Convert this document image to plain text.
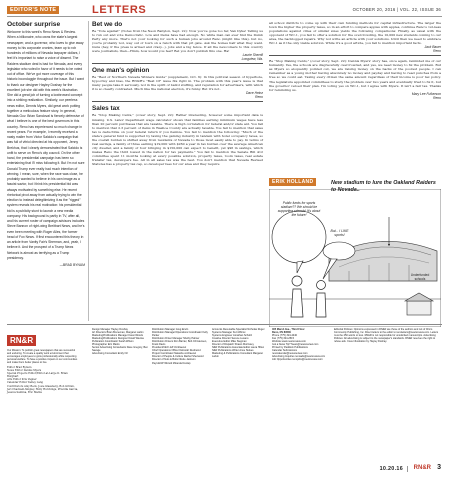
EDITOR'S NOTE	LETTERS	OCTOBER 20, 2016 | VOL. 22, ISSUE 36
October surprise
Welcome to this week's Reno News & Review. When a billionaire, who owns the state's largest newspaper, and a governor, who loves to give away money to his corporate cronies, team up to rob hundreds of millions of Nevada taxpayer dollars, I feel it's important to raise a voice of dissent. The Raiders stadium deal is bad for Nevada, and every legislator who voted in favor of it needs to be voted out of office. We've got more coverage of this historic boondoggle throughout the issue. But I want to thank our designer Hayley Doshay for the excellent job she did with this week's illustration. She did a great job of turning a lowbrowed concept into a striking realization. Similarly, our peerless news editor, Dennis Myers, did great work putting together a meticulous feature story. In general, Nevada Gov. Brian Sandoval is fiercely defensive of what I believe is one of the best governors in this country. Reno has experienced so much change in recent years. For example, I recently received a nasty mailer from Victor Salcido's campaign that was full of vitriol directed at his opponent, Jenny Brekhus, that I clearly demonstrated that Salcido is unfit to serve on Reno's city council. On the other hand, the presidential campaign has been so entertaining that I'll miss following it. But I'm not sure Donald Trump ever really had much intention of winning. I mean, sure, when the race was close, he probably wanted to believe in his own image as a fascist savior, but I think his presidential bid was always motivated by something else. He recent rhetorical pivot away from actually trying to win the election to instead delegitimizing it as the "rigged" system reveals his real motivation: his presidential bid is a publicity stunt to launch a new media company. His background is partly in TV, after all, and his current roster of campaign advisors includes Steve Bannon of right-wing Breitbart News, and he's even been meeting with Roger Ailes, the former head of Fox News. If first encountered this theory in an article from Vanity Fair's Sherman, and, yeah, I believe it. And the prospect of a Trump News Network is almost as terrifying as a Trump presidency.
—BRAD BYNUM
Bet we do
Re "Vote against" (Notes from the Neon Babylon, Sept. 22): Now you've gone too far, Van Dyke! Telling us to run out and vote Democratic. Low and Dems have had enough. No white man can ever find the Dumb Party any more. That's not your looking for such a human jobs around Reno (might like this), but no, you're probably not, way out of town on a ranch with that pit gate. Ask the homes half what they want. Guns (hey, if the press is armed and crazy...), jobs and a big fence. If all the newcomers to this country were journalists, then—Hmm, how would you feel? Bet you don't publish this one. Ha!
Laurie Sherrill
Longview, Wa.
One man's opinion
Re "Best of Northern Nevada Winners Guide" (supplement, Oct. 6): In this political season of hyperbole, hypocrisy and bias, the RN&R's "Best Of" issue fits right in. The problem with this year's issue is that many people take it seriously, not in the spirit of ballot stuffing, and reputation for advertisers, with which it is so clearly contrasted. Much like the national election, it's funny. But it's not.
Dave Heinz
Reno
Sales tax
Re "Stop Making Cents," (cover story, Sept. 22): Rather interesting, however some important data is missing. U.S. Labor Department wage calculator shows that families earning minimum wages have less than 20 percent purchases that are taxable. There is high correlation for federal and/or state aid. You fail to mention that 2.3 percent of items in Washoe County are actually taxable. You fail to mention that sales tax is deductible on your federal return if you itemize. You fail to mention the following: "Much of the state's general fund is supported by taxing the gaming industry in tandem with hotel occupancy taxes, so the overall burden is shifted away from residents of Nevada to those most easily able to pay. In terms of real savings, a family of three earning $19,000 with $260 a year in tax burden over the average American city dweller, and a family of four bringing in $150,000 can expect to benefit, yet $96 in savings, which makes Reno the third lowest in the nation for tax payments." You fail to mention the Senate Bill 412 committee spent 11 months looking at every possible solution, property taxes, room taxes, real estate transfer tax, developers fee. All in all sales tax was the best. You don't mention that Nevada Revised Statutes has a property tax cap, so developer fees for our area and they require
all school districts to come up with their own funding methods for capital infrastructure. The larger the town the higher the property taxes, so in an effort to compare apples with apples, continue Reno's 1st-ness populations against cities of similar sizes yields the following comparisons: Finally, as usual with the opponent of WC-1, you fail to offer a solution for the overcrowding, the 10,000 new students coming to our area, the backlogged repairs. Why not write an article with your solutions. Until then we need to embrace WC-1 as it the only viable solution. While it's a good article, you fail to mention important facts.
Jack Bauer
Reno
Re "Stop Making Cents," (cover story, Sept. 22): Dennis Myers' story has, once again, reminded me of our humanity. Yes, the schools are disgracefully overcrowded, and yes, we need money to fix the problem. But as Myers so eloquently pointed out, we are raising money on the backs of the poorest people. I can remember as a young mother having absolutely no money and payday and having to read punches from a tree so we could eat. Taxing every citizen the same amount regardless of their income is poor tax policy. The legislature appointed committees to study the problem over two years and eventually tried to fix it, but the governor vetoed their plan. I'm voting yes on WC-1, but I agree with Myers. It isn't a fair tax. Thanks for reminding us.
Mary Lee Fulkerson
Reno
ERIK HOLLAND	New stadium to lure the Oakland Raiders to Nevada..
Public funds for sports stadium?? We should be supporting schools! It's about the future!
But... I LIKE sports!
Underfunded schools
RN&R
Our Mission: To publish great newspapers that are successful and enduring. To create a quality work environment that encourages employees to grow professionally while respecting personal welfare. To have a positive impact on our communities and make them better places to live.
Editor Brad Bynum
News Editor Dennis Myers
Special Projects Editor/Editor-at-Large D. Brian Burghart
Arts Editor Kris Vagner
Calendar Editor Kelley Lang
Contributors Amy Beck, Josie Glassberg, Bob Grimm, Jeri Chadwell-Singley, Holly Hutchings, Priscilla Garcia, Jessica Santina, Eric Marks
Design Manager Hayley Doshay
Art Directors Brian Breneman, Margaret Larkin
Marketing/Publications Manager Kassi Woods
Marketing/Publications Designer David Wienke
Publication Coordinator Sarah Wilson
Photographer Eric Marks
Senior Advertising Consultants Dave Gregory, Ben Savage
Advertising Consultant Emily Orr
Distribution Manager Greg Erwin
Distribution Manager/Operations Coordinator Kelly Parker
Distribution Driver Manager Shelby Palmer
Distribution Drivers Ron Barrier, Bob Christensen, Frank Davis
President/CEO Jeff VonKaenel
Chief Operations Officer Deborah Redmond
Project Coordinator Natasha vonKaenel
Director of People & Culture Rachel Sherwood
Director of Nuts & Bolts Nicole Jackson
Payroll/AP Wizard Miranda Dunlap
Accounts Receivable Specialist Nicholas Rugel
Systems Manager Kurt Wilcox
Systems Engineer Jonathan Schultz
Creative Director Serene Lusano
Executive Editor Mike Siegman
Director of Dispatch Shawn Morrissey
N&R Publications Associate Editor Laura Hillen
N&R Publications Writer Anne Stokes
Marketing & Publications Consultant Margaret Larkin
405 Marsh Ave., Third Floor
Reno, NV 89509
Phone (775) 324-4440
Fax (775) 324-2515
Website www.newsreview.com
Got a News Tip? News@newsreview.com
Printed by Paddock Publications
Calendar Submissions renocalendar@newsreview.com
Advertising Inquiries renoads@newsreview.com
Job Opportunities renojobs@newsreview.com
Editorial Policies: Opinions expressed in RN&R are those of the authors and not of Chico Community Publishing, Inc. Direct letters to the editor to renoletters@newsreview.com. Letters must be 250 words or less. RN&R is not responsible for unsolicited manuscripts. Advertising Policies: All advertising is subject to the newspaper's standards. RN&R reserves the right to refuse ads. Cover illustration by Hayley Doshay.
10.20.16 RN&R 3
